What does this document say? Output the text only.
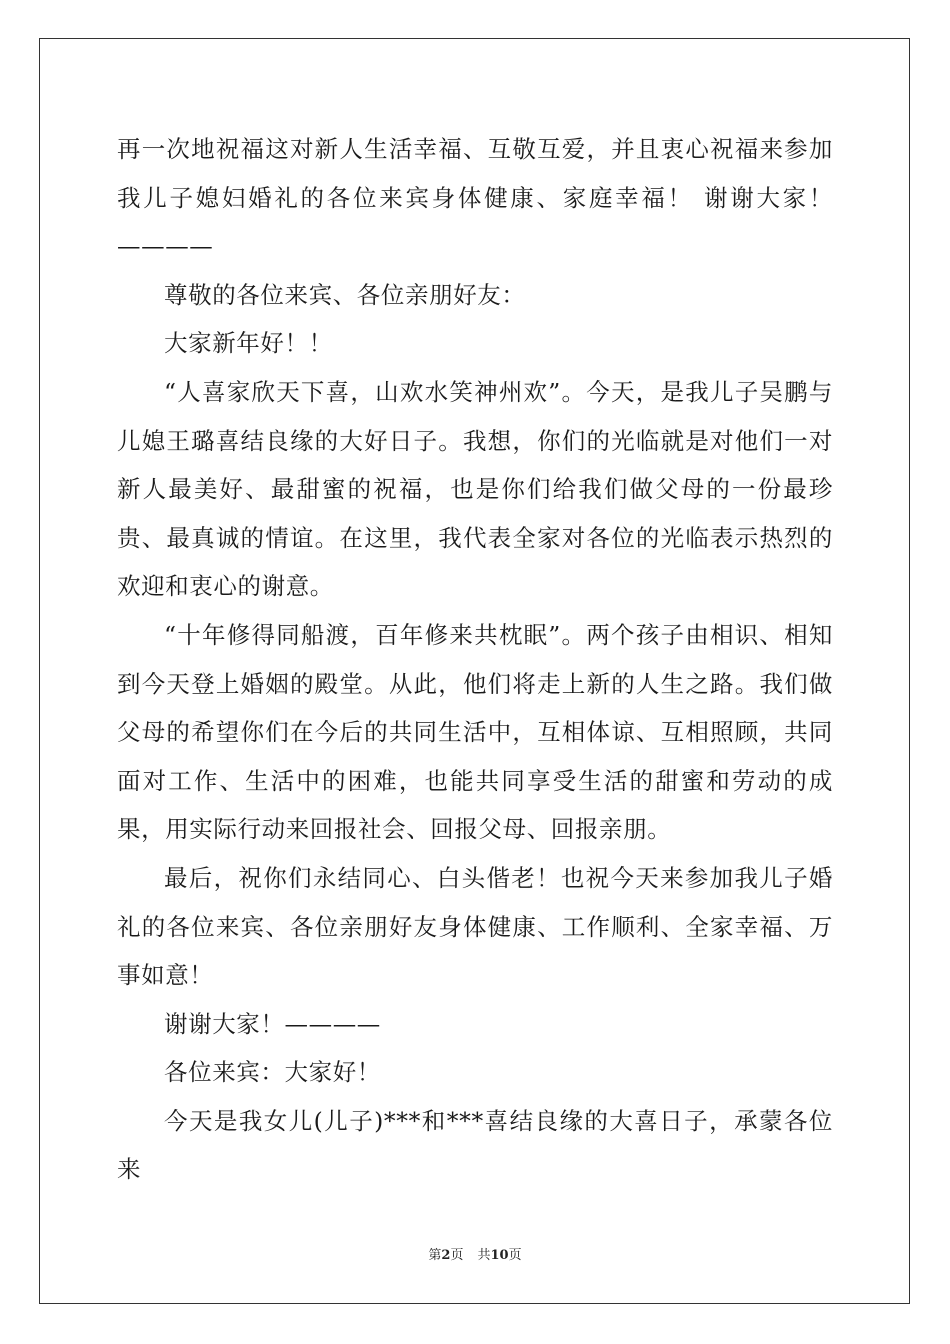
再一次地祝福这对新人生活幸福、互敬互爱，并且衷心祝福来参加我儿子媳妇婚礼的各位来宾身体健康、家庭幸福！ 谢谢大家！————

尊敬的各位来宾、各位亲朋好友：

大家新年好！！

“人喜家欣天下喜，山欢水笑神州欢”。今天，是我儿子吴鹏与儿媳王璐喜结良缘的大好日子。我想，你们的光临就是对他们一对新人最美好、最甜蜜的祝福，也是你们给我们做父母的一份最珍贵、最真诚的情谊。在这里，我代表全家对各位的光临表示热烈的欢迎和衷心的谢意。

“十年修得同船渡，百年修来共枕眠”。两个孩子由相识、相知到今天登上婚姻的殿堂。从此，他们将走上新的人生之路。我们做父母的希望你们在今后的共同生活中，互相体谅、互相照顾，共同面对工作、生活中的困难，也能共同享受生活的甜蜜和劳动的成果，用实际行动来回报社会、回报父母、回报亲朋。

最后，祝你们永结同心、白头偕老！也祝今天来参加我儿子婚礼的各位来宾、各位亲朋好友身体健康、工作顺利、全家幸福、万事如意！

谢谢大家！————

各位来宾：大家好！

今天是我女儿(儿子)***和***喜结良缘的大喜日子，承蒙各位来

第2页 共10页
